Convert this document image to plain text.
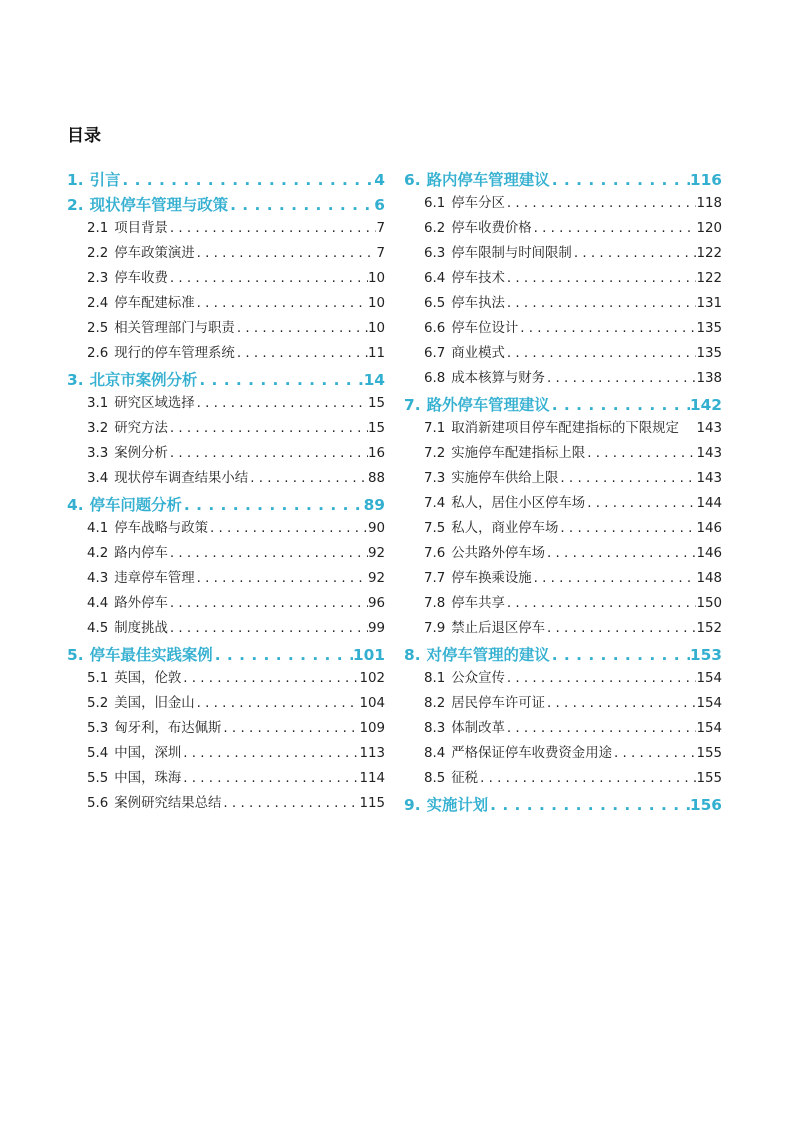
目录
1. 引言 . . .	4
2. 现状停车管理与政策 . . .	6
2.1 项目背景 . . .	7
2.2 停车政策演进 . . .	7
2.3 停车收费 . . .	10
2.4 停车配建标准 . . .	10
2.5 相关管理部门与职责 . . .	10
2.6 现行的停车管理系统 . . .	11
3. 北京市案例分析 . . .	14
3.1 研究区域选择 . . .	15
3.2 研究方法 . . .	15
3.3 案例分析 . . .	16
3.4 现状停车调查结果小结 . . .	88
4. 停车问题分析 . . .	89
4.1 停车战略与政策 . . .	90
4.2 路内停车 . . .	92
4.3 违章停车管理 . . .	92
4.4 路外停车 . . .	96
4.5 制度挑战 . . .	99
5. 停车最佳实践案例 . . .	101
5.1 英国，伦敦 . . .	102
5.2 美国，旧金山 . . .	104
5.3 匈牙利，布达佩斯 . . .	109
5.4 中国，深圳 . . .	113
5.5 中国，珠海 . . .	114
5.6 案例研究结果总结 . . .	115
6. 路内停车管理建议 . . .	116
6.1 停车分区 . . .	118
6.2 停车收费价格 . . .	120
6.3 停车限制与时间限制 . . .	122
6.4 停车技术 . . .	122
6.5 停车执法 . . .	131
6.6 停车位设计 . . .	135
6.7 商业模式 . . .	135
6.8 成本核算与财务 . . .	138
7. 路外停车管理建议 . . .	142
7.1 取消新建项目停车配建指标的下限规定 143
7.2 实施停车配建指标上限 . . .	143
7.3 实施停车供给上限 . . .	143
7.4 私人，居住小区停车场 . . .	144
7.5 私人，商业停车场 . . .	146
7.6 公共路外停车场 . . .	146
7.7 停车换乘设施 . . .	148
7.8 停车共享 . . .	150
7.9 禁止后退区停车 . . .	152
8. 对停车管理的建议 . . .	153
8.1 公众宣传 . . .	154
8.2 居民停车许可证 . . .	154
8.3 体制改革 . . .	154
8.4 严格保证停车收费资金用途 . . .	155
8.5 征税 . . .	155
9. 实施计划 . . .	156
